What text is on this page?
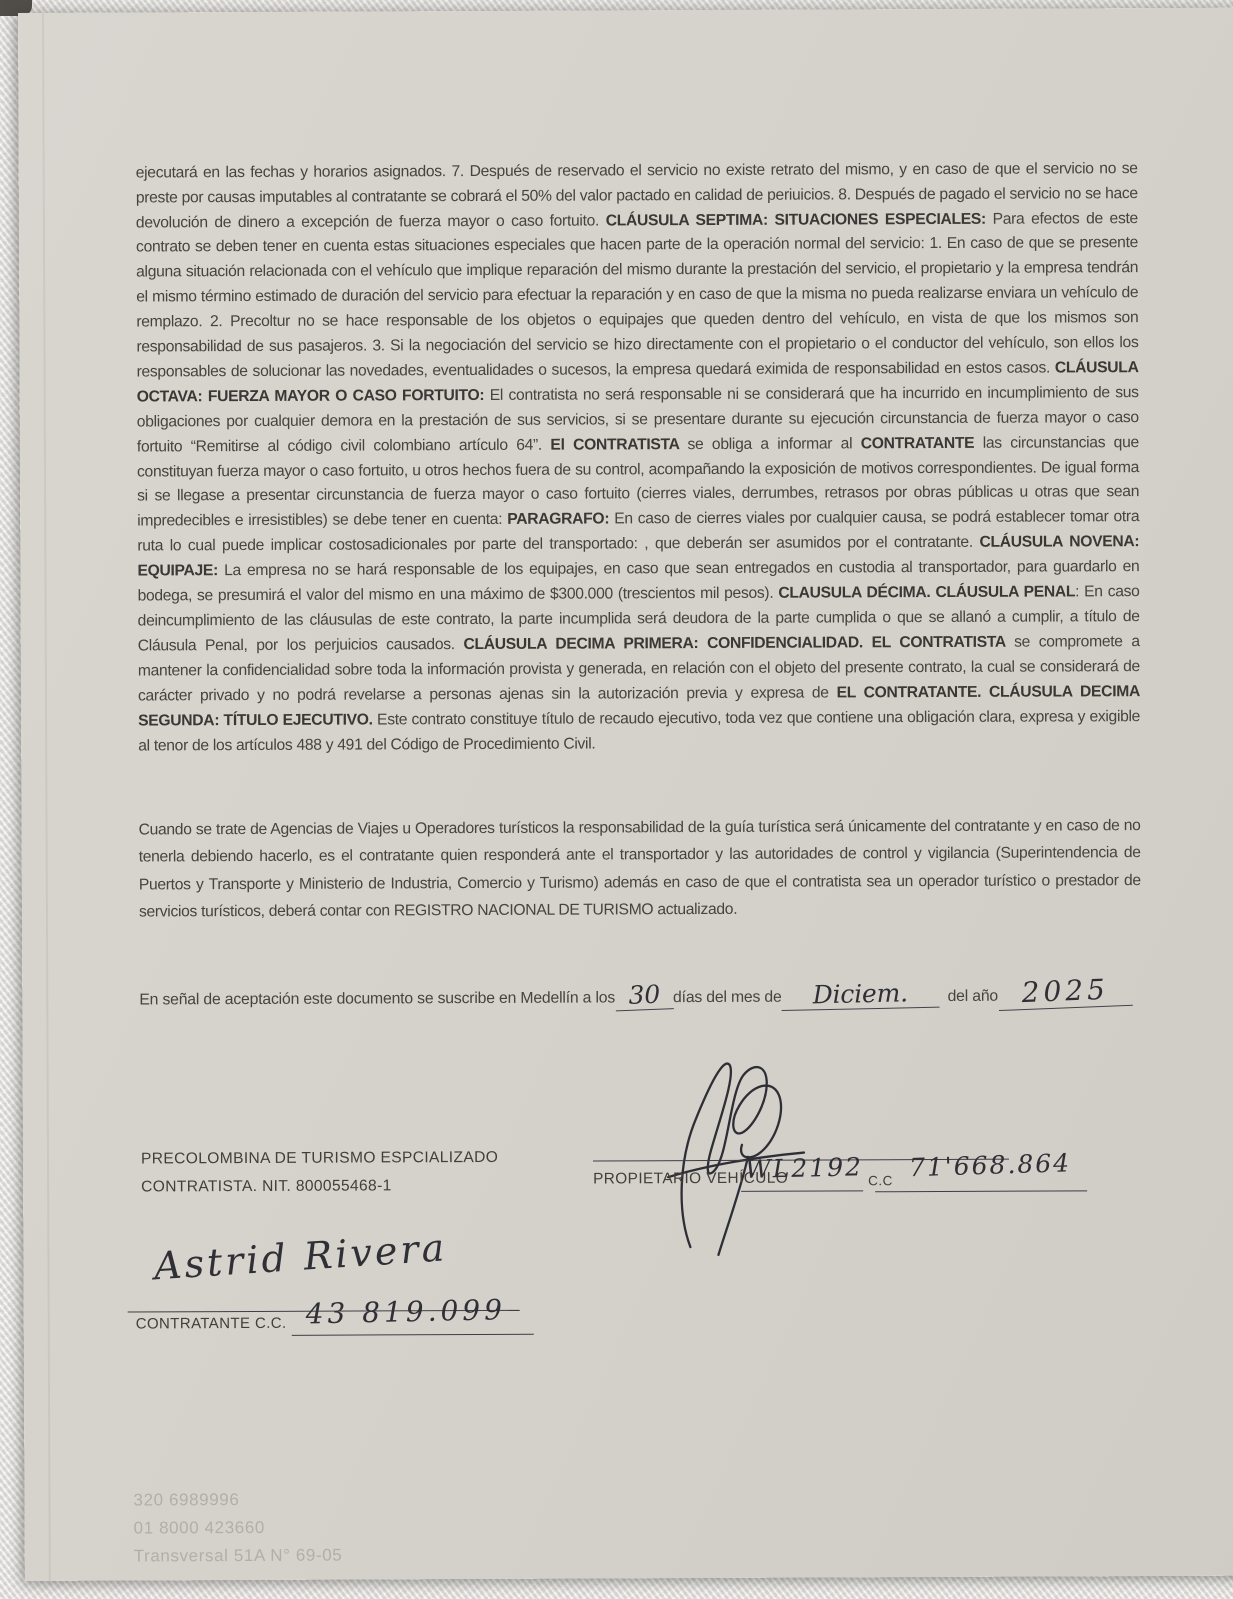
ejecutará en las fechas y horarios asignados. 7. Después de reservado el servicio no existe retrato del mismo, y en caso de que el servicio no se preste por causas imputables al contratante se cobrará el 50% del valor pactado en calidad de periuicios. 8. Después de pagado el servicio no se hace devolución de dinero a excepción de fuerza mayor o caso fortuito. CLÁUSULA SEPTIMA: SITUACIONES ESPECIALES: Para efectos de este contrato se deben tener en cuenta estas situaciones especiales que hacen parte de la operación normal del servicio: 1. En caso de que se presente alguna situación relacionada con el vehículo que implique reparación del mismo durante la prestación del servicio, el propietario y la empresa tendrán el mismo término estimado de duración del servicio para efectuar la reparación y en caso de que la misma no pueda realizarse enviara un vehículo de remplazo. 2. Precoltur no se hace responsable de los objetos o equipajes que queden dentro del vehículo, en vista de que los mismos son responsabilidad de sus pasajeros. 3. Si la negociación del servicio se hizo directamente con el propietario o el conductor del vehículo, son ellos los responsables de solucionar las novedades, eventualidades o sucesos, la empresa quedará eximida de responsabilidad en estos casos. CLÁUSULA OCTAVA: FUERZA MAYOR O CASO FORTUITO: El contratista no será responsable ni se considerará que ha incurrido en incumplimiento de sus obligaciones por cualquier demora en la prestación de sus servicios, si se presentare durante su ejecución circunstancia de fuerza mayor o caso fortuito “Remitirse al código civil colombiano artículo 64”. El CONTRATISTA se obliga a informar al CONTRATANTE las circunstancias que constituyan fuerza mayor o caso fortuito, u otros hechos fuera de su control, acompañando la exposición de motivos correspondientes. De igual forma si se llegase a presentar circunstancia de fuerza mayor o caso fortuito (cierres viales, derrumbes, retrasos por obras públicas u otras que sean impredecibles e irresistibles) se debe tener en cuenta: PARAGRAFO: En caso de cierres viales por cualquier causa, se podrá establecer tomar otra ruta lo cual puede implicar costosadicionales por parte del transportado: , que deberán ser asumidos por el contratante. CLÁUSULA NOVENA: EQUIPAJE: La empresa no se hará responsable de los equipajes, en caso que sean entregados en custodia al transportador, para guardarlo en bodega, se presumirá el valor del mismo en una máximo de $300.000 (trescientos mil pesos). CLAUSULA DÉCIMA. CLÁUSULA PENAL: En caso deincumplimiento de las cláusulas de este contrato, la parte incumplida será deudora de la parte cumplida o que se allanó a cumplir, a título de Cláusula Penal, por los perjuicios causados. CLÁUSULA DECIMA PRIMERA: CONFIDENCIALIDAD. EL CONTRATISTA se compromete a mantener la confidencialidad sobre toda la información provista y generada, en relación con el objeto del presente contrato, la cual se considerará de carácter privado y no podrá revelarse a personas ajenas sin la autorización previa y expresa de EL CONTRATANTE. CLÁUSULA DECIMA SEGUNDA: TÍTULO EJECUTIVO. Este contrato constituye título de recaudo ejecutivo, toda vez que contiene una obligación clara, expresa y exigible al tenor de los artículos 488 y 491 del Código de Procedimiento Civil.

Cuando se trate de Agencias de Viajes u Operadores turísticos la responsabilidad de la guía turística será únicamente del contratante y en caso de no tenerla debiendo hacerlo, es el contratante quien responderá ante el transportador y las autoridades de control y vigilancia (Superintendencia de Puertos y Transporte y Ministerio de Industria, Comercio y Turismo) además en caso de que el contratista sea un operador turístico o prestador de servicios turísticos, deberá contar con REGISTRO NACIONAL DE TURISMO actualizado.

En señal de aceptación este documento se suscribe en Medellín a los 30 días del mes de	Diciem.	del año 2025
PRECOLOMBINA DE TURISMO ESPCIALIZADO
CONTRATISTA. NIT. 800055468-1	PROPIETARIO VEHÍCULO
WL2192 C.C 71'668.864
Astrid Rivera
CONTRATANTE C.C. 43 819.099
320 6989996
01 8000 423660
Transversal 51A N° 69-05
